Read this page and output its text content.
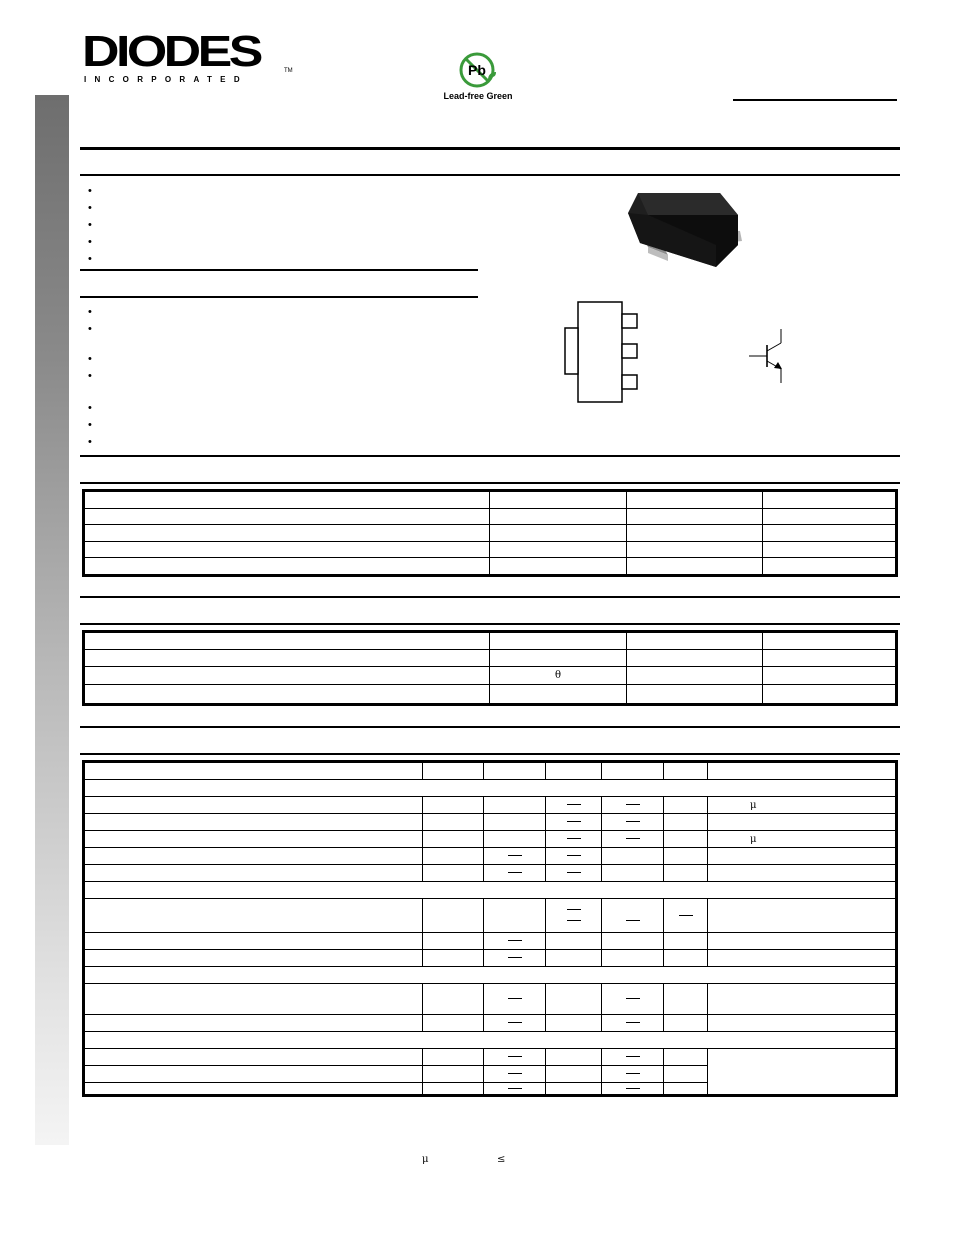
DIODES
INCORPORATED
TM	Pb
Lead-free Green
•
•
•
•
•
•
•
•
•
•
•
•

	θ		

						μ

						μ

μ	≤
